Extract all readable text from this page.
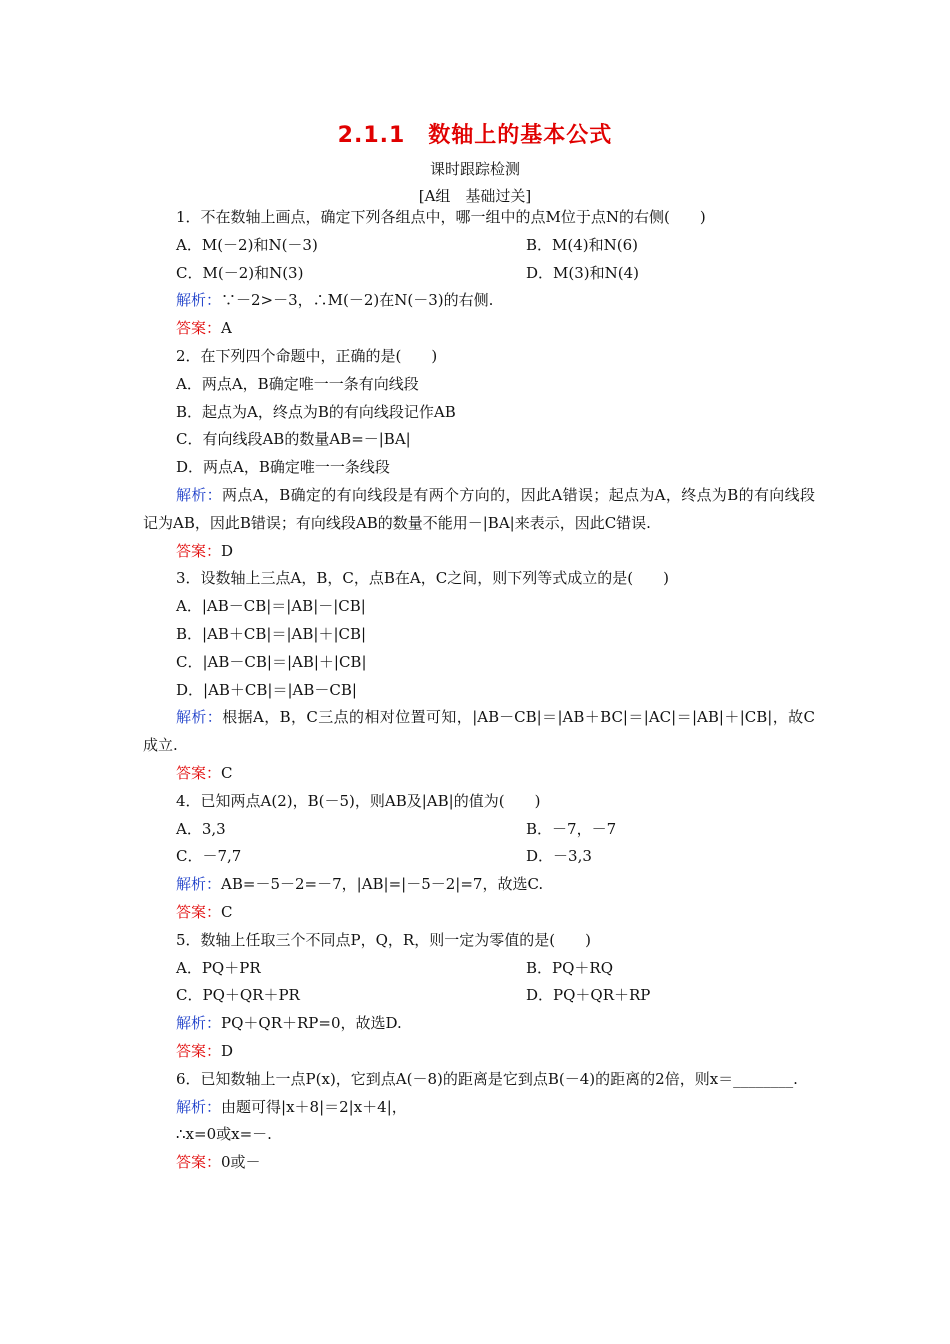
2.1.1　数轴上的基本公式
课时跟踪检测
[A组　基础过关]
1．不在数轴上画点，确定下列各组点中，哪一组中的点M位于点N的右侧(　　)
A．M(－2)和N(－3)	B．M(4)和N(6)
C．M(－2)和N(3)	D．M(3)和N(4)
解析：∵－2>－3，∴M(－2)在N(－3)的右侧.
答案：A
2．在下列四个命题中，正确的是(　　)
A．两点A，B确定唯一一条有向线段
B．起点为A，终点为B的有向线段记作AB
C．有向线段AB的数量AB=－|BA|
D．两点A，B确定唯一一条线段
解析：两点A，B确定的有向线段是有两个方向的，因此A错误；起点为A，终点为B的有向线段记为AB，因此B错误；有向线段AB的数量不能用－|BA|来表示，因此C错误.
答案：D
3．设数轴上三点A，B，C，点B在A，C之间，则下列等式成立的是(　　)
A．|AB－CB|＝|AB|－|CB|
B．|AB＋CB|＝|AB|＋|CB|
C．|AB－CB|＝|AB|＋|CB|
D．|AB＋CB|＝|AB－CB|
解析：根据A，B，C三点的相对位置可知，|AB－CB|＝|AB＋BC|＝|AC|＝|AB|＋|CB|，故C成立.
答案：C
4．已知两点A(2)，B(－5)，则AB及|AB|的值为(　　)
A．3,3	B．－7，－7
C．－7,7	D．－3,3
解析：AB=－5－2=－7，|AB|=|－5－2|=7，故选C.
答案：C
5．数轴上任取三个不同点P，Q，R，则一定为零值的是(　　)
A．PQ＋PR	B．PQ＋RQ
C．PQ＋QR＋PR	D．PQ＋QR＋RP
解析：PQ＋QR＋RP=0，故选D.
答案：D
6．已知数轴上一点P(x)，它到点A(－8)的距离是它到点B(－4)的距离的2倍，则x＝________.
解析：由题可得|x＋8|＝2|x＋4|，
∴x=0或x=－.
答案：0或－
